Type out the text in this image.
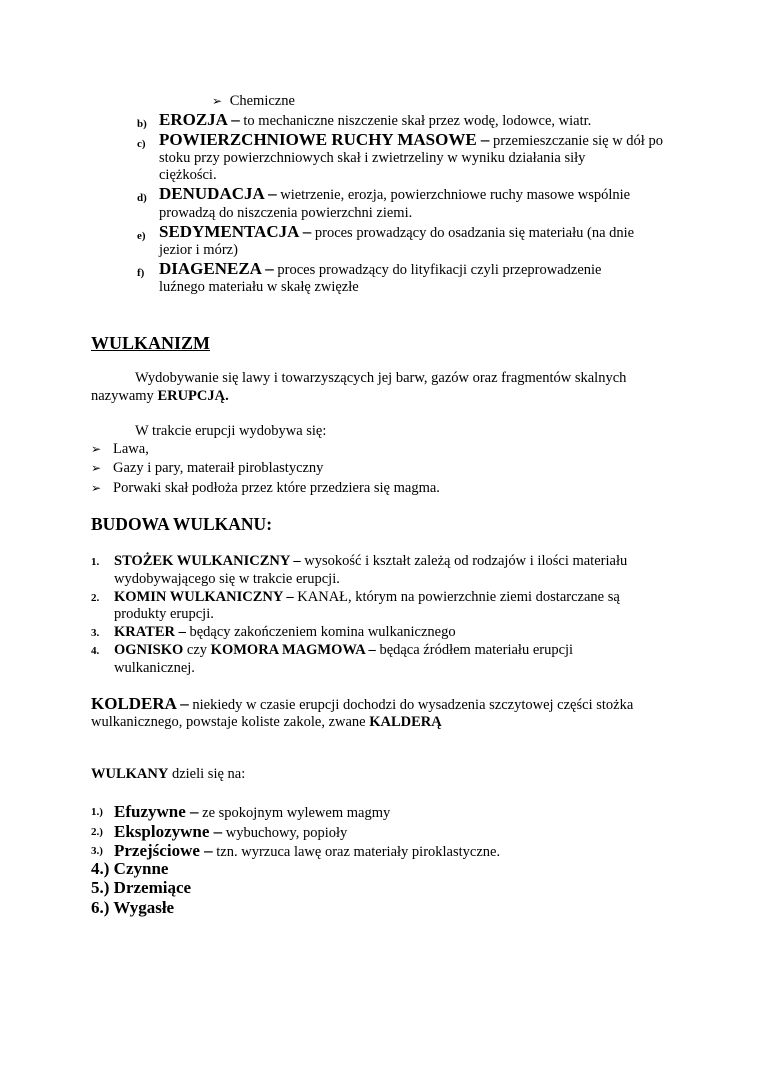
➢ Chemiczne
b) EROZJA – to mechaniczne niszczenie skał przez wodę, lodowce, wiatr.
c) POWIERZCHNIOWE RUCHY MASOWE – przemieszczanie się w dół po
stoku przy powierzchniowych skał i zwietrzeliny w wyniku działania siły
ciężkości.
d) DENUDACJA – wietrzenie, erozja, powierzchniowe ruchy masowe wspólnie
prowadzą do niszczenia powierzchni ziemi.
e) SEDYMENTACJA – proces prowadzący do osadzania się materiału (na dnie
jezior i mórz)
f) DIAGENEZA – proces prowadzący do lityfikacji czyli przeprowadzenie
luźnego materiału w skałę zwięzłe
WULKANIZM
Wydobywanie się lawy i towarzyszących jej barw, gazów oraz fragmentów skalnych
nazywamy ERUPCJĄ.
W trakcie erupcji wydobywa się:
➢ Lawa,
➢ Gazy i pary, materaił piroblastyczny
➢ Porwaki skał podłoża przez które przedziera się magma.
BUDOWA WULKANU:
1. STOŻEK WULKANICZNY – wysokość i kształt zależą od rodzajów i ilości materiału
wydobywającego się w trakcie erupcji.
2. KOMIN WULKANICZNY – KANAŁ, którym na powierzchnie ziemi dostarczane są
produkty erupcji.
3. KRATER – będący zakończeniem komina wulkanicznego
4. OGNISKO czy KOMORA MAGMOWA – będąca źródłem materiału erupcji
wulkanicznej.
KOLDERA – niekiedy w czasie erupcji dochodzi do wysadzenia szczytowej części stożka
wulkanicznego, powstaje koliste zakole, zwane KALDERĄ
WULKANY dzieli się na:
1.) Efuzywne – ze spokojnym wylewem magmy
2.) Eksplozywne – wybuchowy, popioły
3.) Przejściowe – tzn. wyrzuca lawę oraz materiały piroklastyczne.
4.) Czynne
5.) Drzemiące
6.) Wygasłe
